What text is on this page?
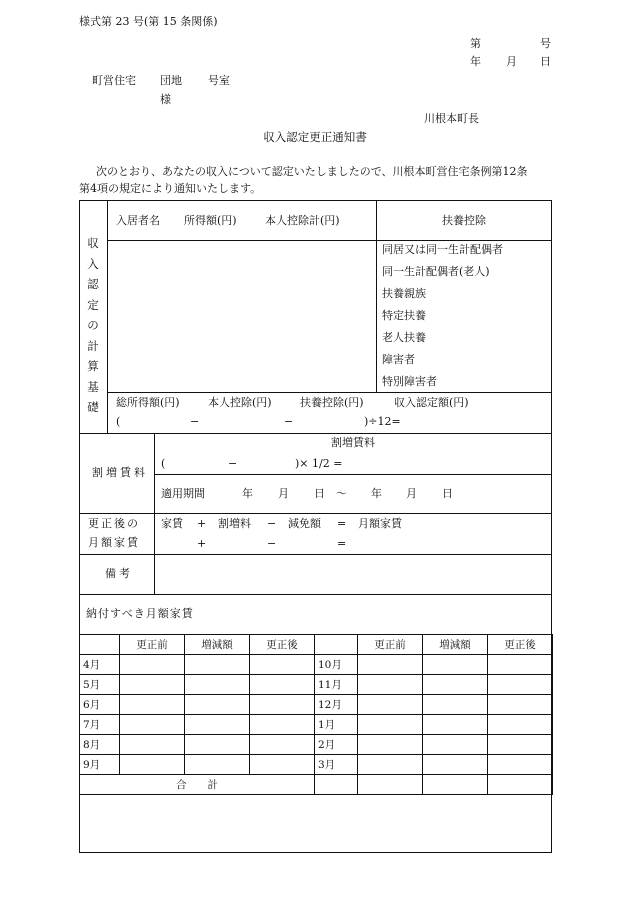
様式第 23 号(第 15 条関係)
第	号
年 月 日
町営住宅 団地 号室
様
川根本町長
収入認定更正通知書
次のとおり、あなたの収入について認定いたしましたので、川根本町営住宅条例第12条
第4項の規定により通知いたします。
収
入
認
定
の
計
算
基
礎
入居者名 所得額(円)	本人控除計(円)	扶養控除
同居又は同一生計配偶者
同一生計配偶者(老人)
扶養親族
特定扶養
老人扶養
障害者
特別障害者
総所得額(円)	本人控除(円)	扶養控除(円)	収入認定額(円)
(	−	−	)÷12=
割増賃料
割増賃料
(	−	)× 1/2 =
適用期間	年 月 日 〜 年 月 日
更正後の
月額家賃
家賃 + 割増料 − 減免額 = 月額家賃
+	−	=
備考
納付すべき月額家賃
	更正前	増減額	更正後		更正前	増減額	更正後
4月				10月			
5月				11月			
6月				12月			
7月				1月			
8月				2月			
9月				3月			
合　　計							
